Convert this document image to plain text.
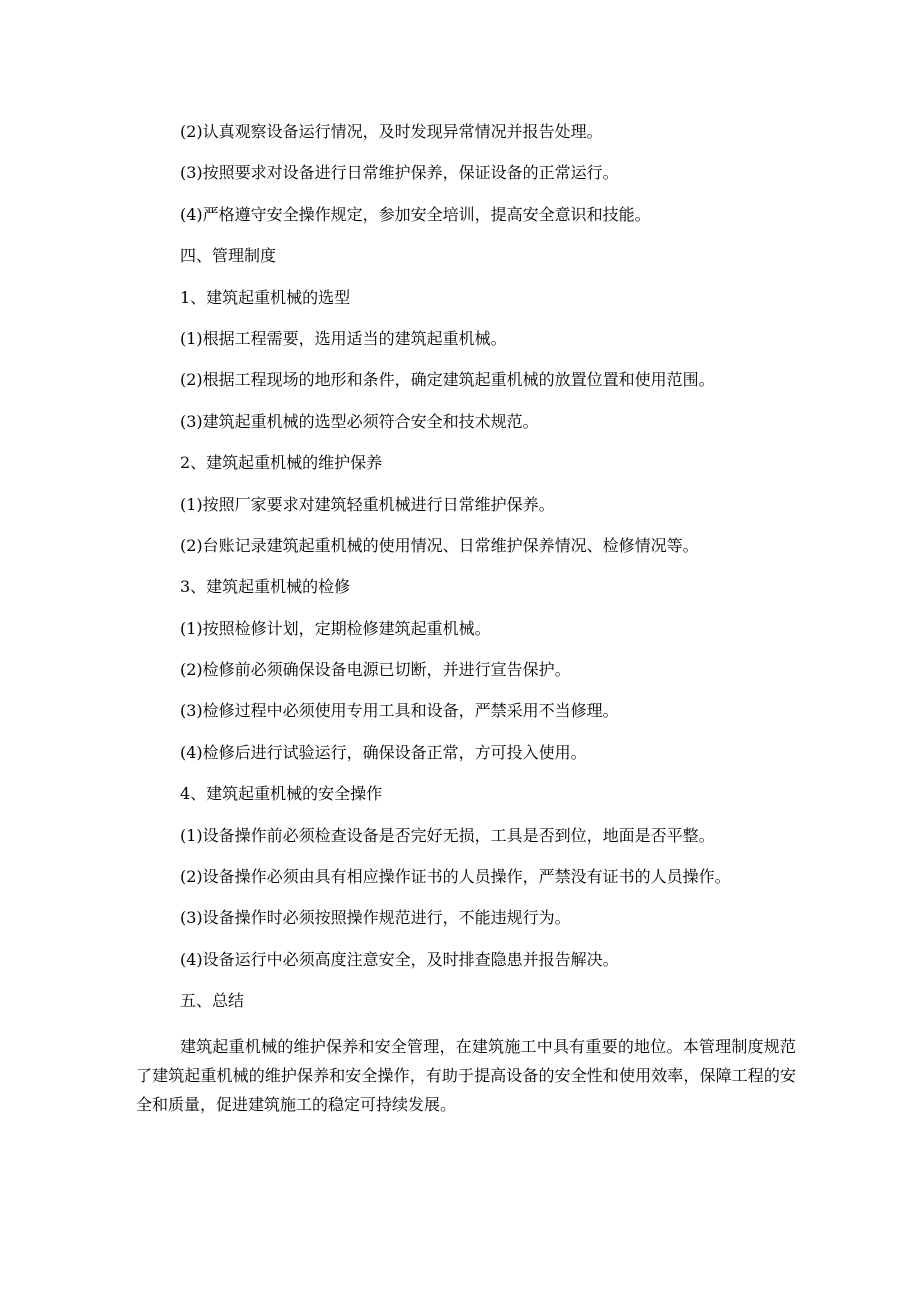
(2)认真观察设备运行情况，及时发现异常情况并报告处理。

(3)按照要求对设备进行日常维护保养，保证设备的正常运行。

(4)严格遵守安全操作规定，参加安全培训，提高安全意识和技能。

四、管理制度

1、建筑起重机械的选型

(1)根据工程需要，选用适当的建筑起重机械。

(2)根据工程现场的地形和条件，确定建筑起重机械的放置位置和使用范围。

(3)建筑起重机械的选型必须符合安全和技术规范。

2、建筑起重机械的维护保养

(1)按照厂家要求对建筑轻重机械进行日常维护保养。

(2)台账记录建筑起重机械的使用情况、日常维护保养情况、检修情况等。

3、建筑起重机械的检修

(1)按照检修计划，定期检修建筑起重机械。

(2)检修前必须确保设备电源已切断，并进行宣告保护。

(3)检修过程中必须使用专用工具和设备，严禁采用不当修理。

(4)检修后进行试验运行，确保设备正常，方可投入使用。

4、建筑起重机械的安全操作

(1)设备操作前必须检查设备是否完好无损，工具是否到位，地面是否平整。

(2)设备操作必须由具有相应操作证书的人员操作，严禁没有证书的人员操作。

(3)设备操作时必须按照操作规范进行，不能违规行为。

(4)设备运行中必须高度注意安全，及时排查隐患并报告解决。

五、总结

建筑起重机械的维护保养和安全管理，在建筑施工中具有重要的地位。本管理制度规范了建筑起重机械的维护保养和安全操作，有助于提高设备的安全性和使用效率，保障工程的安全和质量，促进建筑施工的稳定可持续发展。
